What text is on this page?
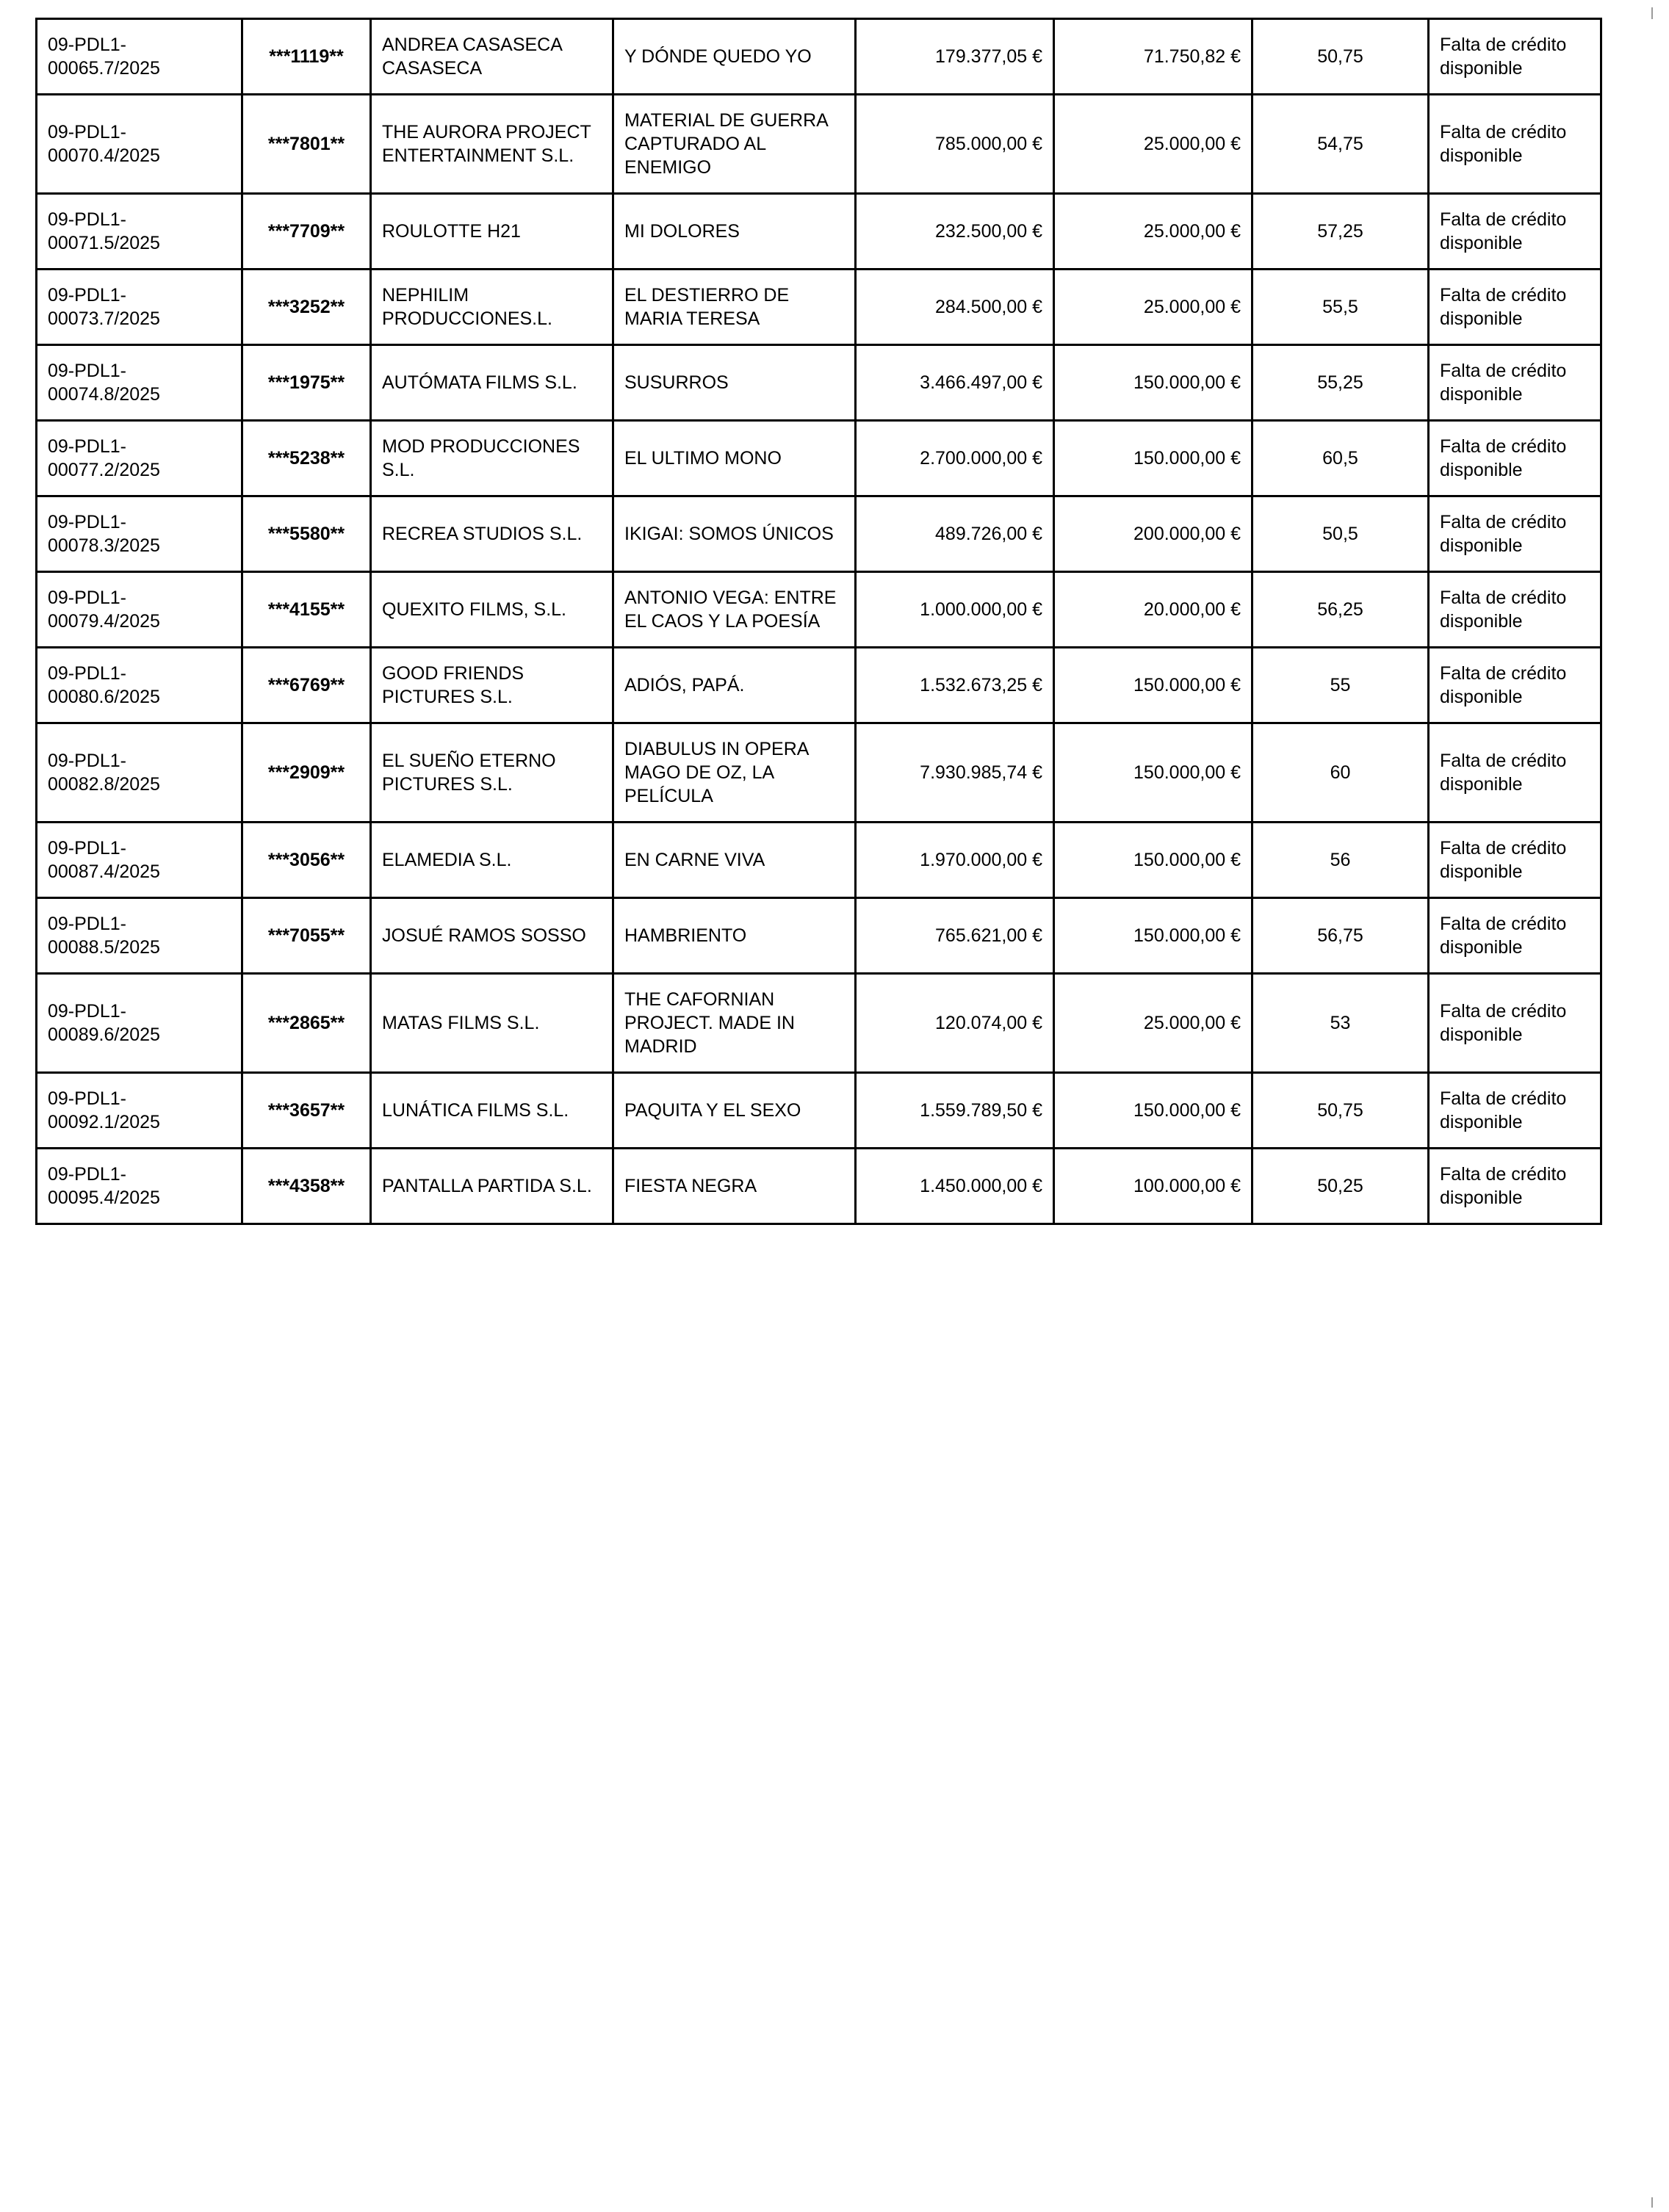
09-PDL1-00065.7/2025	***1119**	ANDREA CASASECA CASASECA	Y DÓNDE QUEDO YO	179.377,05 €	71.750,82 €	50,75	Falta de crédito disponible
09-PDL1-00070.4/2025	***7801**	THE AURORA PROJECT ENTERTAINMENT S.L.	MATERIAL DE GUERRA CAPTURADO AL ENEMIGO	785.000,00 €	25.000,00 €	54,75	Falta de crédito disponible
09-PDL1-00071.5/2025	***7709**	ROULOTTE H21	MI DOLORES	232.500,00 €	25.000,00 €	57,25	Falta de crédito disponible
09-PDL1-00073.7/2025	***3252**	NEPHILIM PRODUCCIONES.L.	EL DESTIERRO DE MARIA TERESA	284.500,00 €	25.000,00 €	55,5	Falta de crédito disponible
09-PDL1-00074.8/2025	***1975**	AUTÓMATA FILMS S.L.	SUSURROS	3.466.497,00 €	150.000,00 €	55,25	Falta de crédito disponible
09-PDL1-00077.2/2025	***5238**	MOD PRODUCCIONES S.L.	EL ULTIMO MONO	2.700.000,00 €	150.000,00 €	60,5	Falta de crédito disponible
09-PDL1-00078.3/2025	***5580**	RECREA STUDIOS S.L.	IKIGAI: SOMOS ÚNICOS	489.726,00 €	200.000,00 €	50,5	Falta de crédito disponible
09-PDL1-00079.4/2025	***4155**	QUEXITO FILMS, S.L.	ANTONIO VEGA: ENTRE EL CAOS Y LA POESÍA	1.000.000,00 €	20.000,00 €	56,25	Falta de crédito disponible
09-PDL1-00080.6/2025	***6769**	GOOD FRIENDS PICTURES S.L.	ADIÓS, PAPÁ.	1.532.673,25 €	150.000,00 €	55	Falta de crédito disponible
09-PDL1-00082.8/2025	***2909**	EL SUEÑO ETERNO PICTURES S.L.	DIABULUS IN OPERA MAGO DE OZ, LA PELÍCULA	7.930.985,74 €	150.000,00 €	60	Falta de crédito disponible
09-PDL1-00087.4/2025	***3056**	ELAMEDIA S.L.	EN CARNE VIVA	1.970.000,00 €	150.000,00 €	56	Falta de crédito disponible
09-PDL1-00088.5/2025	***7055**	JOSUÉ RAMOS SOSSO	HAMBRIENTO	765.621,00 €	150.000,00 €	56,75	Falta de crédito disponible
09-PDL1-00089.6/2025	***2865**	MATAS FILMS S.L.	THE CAFORNIAN PROJECT. MADE IN MADRID	120.074,00 €	25.000,00 €	53	Falta de crédito disponible
09-PDL1-00092.1/2025	***3657**	LUNÁTICA FILMS S.L.	PAQUITA Y EL SEXO	1.559.789,50 €	150.000,00 €	50,75	Falta de crédito disponible
09-PDL1-00095.4/2025	***4358**	PANTALLA PARTIDA S.L.	FIESTA NEGRA	1.450.000,00 €	100.000,00 €	50,25	Falta de crédito disponible
